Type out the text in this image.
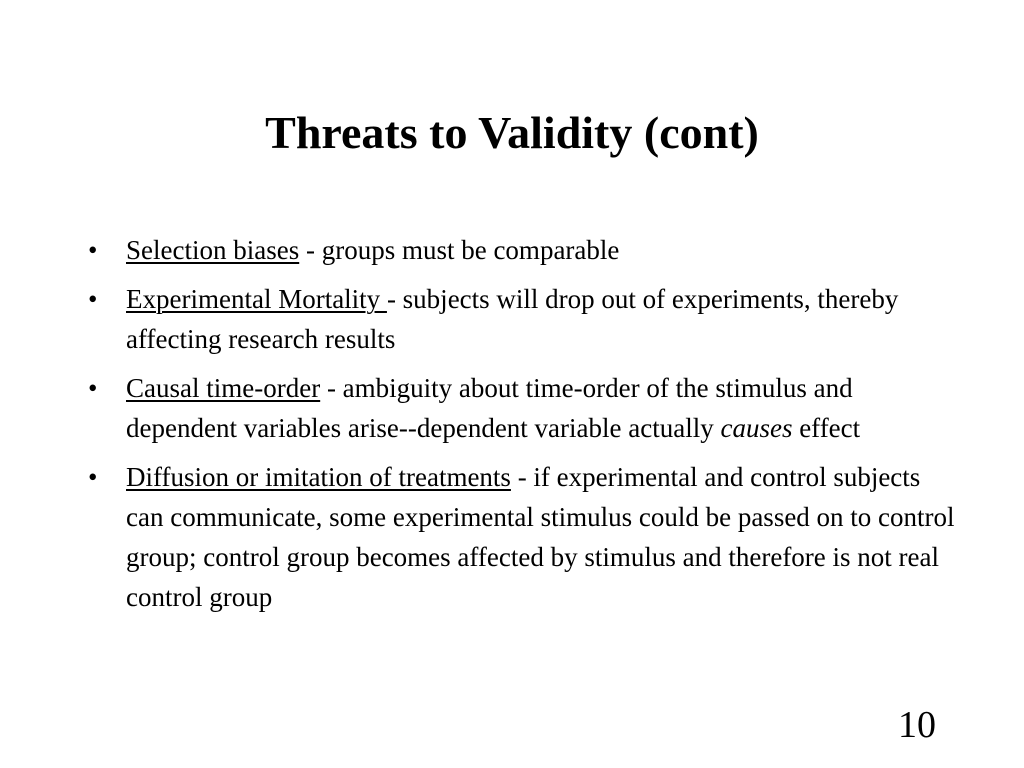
Threats to Validity (cont)
• Selection biases - groups must be comparable
• Experimental Mortality - subjects will drop out of experiments, thereby affecting research results
• Causal time-order - ambiguity about time-order of the stimulus and dependent variables arise--dependent variable actually causes effect
• Diffusion or imitation of treatments - if experimental and control subjects can communicate, some experimental stimulus could be passed on to control group; control group becomes affected by stimulus and therefore is not real control group
10
